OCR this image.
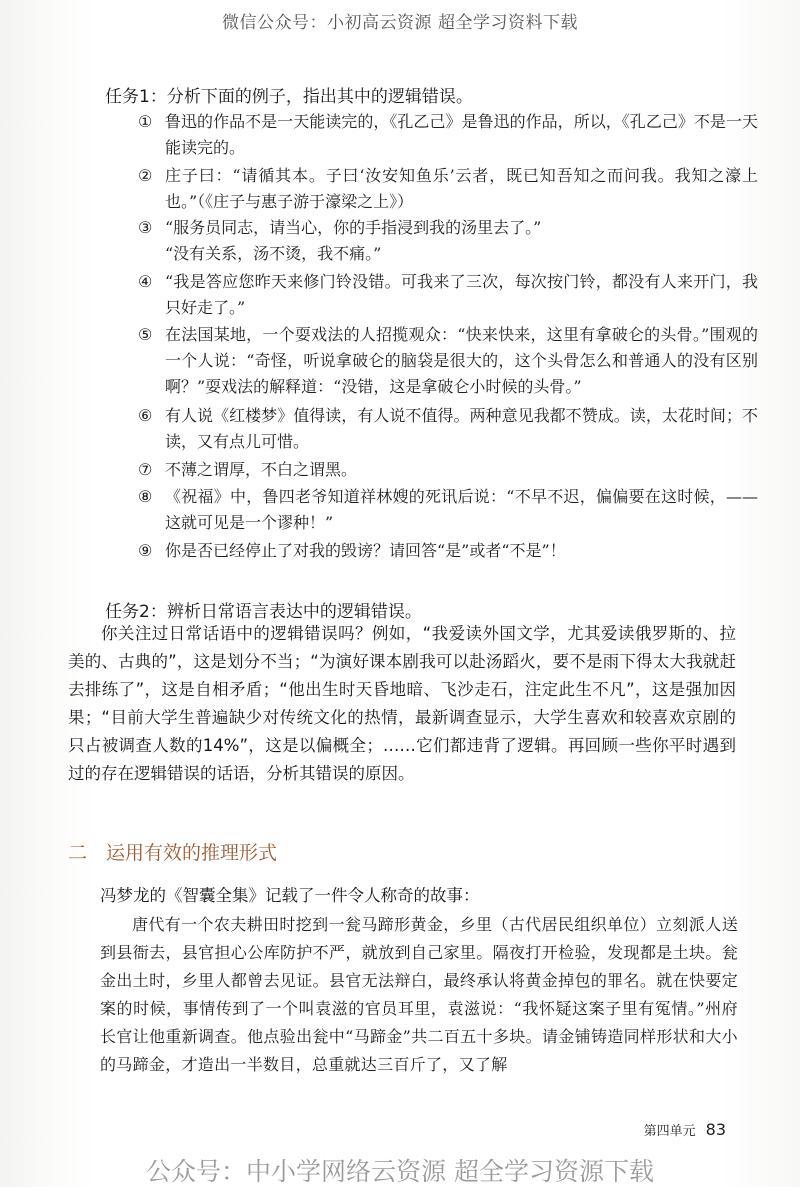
微信公众号：小初高云资源 超全学习资料下载
任务1：分析下面的例子，指出其中的逻辑错误。
① 鲁迅的作品不是一天能读完的，《孔乙己》是鲁迅的作品，所以，《孔乙己》不是一天能读完的。
② 庄子曰：“请循其本。子曰‘汝安知鱼乐’云者，既已知吾知之而问我。我知之濠上也。”（《庄子与惠子游于濠梁之上》）
③ “服务员同志，请当心，你的手指浸到我的汤里去了。”
“没有关系，汤不烫，我不痛。”
④ “我是答应您昨天来修门铃没错。可我来了三次，每次按门铃，都没有人来开门，我只好走了。”
⑤ 在法国某地，一个耍戏法的人招揽观众：“快来快来，这里有拿破仑的头骨。”围观的一个人说：“奇怪，听说拿破仑的脑袋是很大的，这个头骨怎么和普通人的没有区别啊？”耍戏法的解释道：“没错，这是拿破仑小时候的头骨。”
⑥ 有人说《红楼梦》值得读，有人说不值得。两种意见我都不赞成。读，太花时间；不读，又有点儿可惜。
⑦ 不薄之谓厚，不白之谓黑。
⑧ 《祝福》中，鲁四老爷知道祥林嫂的死讯后说：“不早不迟，偏偏要在这时候，——这就可见是一个谬种！”
⑨ 你是否已经停止了对我的毁谤？请回答“是”或者“不是”！
任务2：辨析日常语言表达中的逻辑错误。
你关注过日常话语中的逻辑错误吗？例如，“我爱读外国文学，尤其爱读俄罗斯的、拉美的、古典的”，这是划分不当；“为演好课本剧我可以赴汤蹈火，要不是雨下得太大我就赶去排练了”，这是自相矛盾；“他出生时天昏地暗、飞沙走石，注定此生不凡”，这是强加因果；“目前大学生普遍缺少对传统文化的热情，最新调查显示，大学生喜欢和较喜欢京剧的只占被调查人数的14%”，这是以偏概全；……它们都违背了逻辑。再回顾一些你平时遇到过的存在逻辑错误的话语，分析其错误的原因。
二 运用有效的推理形式
冯梦龙的《智囊全集》记载了一件令人称奇的故事：
唐代有一个农夫耕田时挖到一瓮马蹄形黄金，乡里（古代居民组织单位）立刻派人送到县衙去，县官担心公库防护不严，就放到自己家里。隔夜打开检验，发现都是土块。瓮金出土时，乡里人都曾去见证。县官无法辩白，最终承认将黄金掉包的罪名。就在快要定案的时候，事情传到了一个叫袁滋的官员耳里，袁滋说：“我怀疑这案子里有冤情。”州府长官让他重新调查。他点验出瓮中“马蹄金”共二百五十多块。请金铺铸造同样形状和大小的马蹄金，才造出一半数目，总重就达三百斤了，又了解
第四单元 83
公众号：中小学网络云资源 超全学习资源下载
